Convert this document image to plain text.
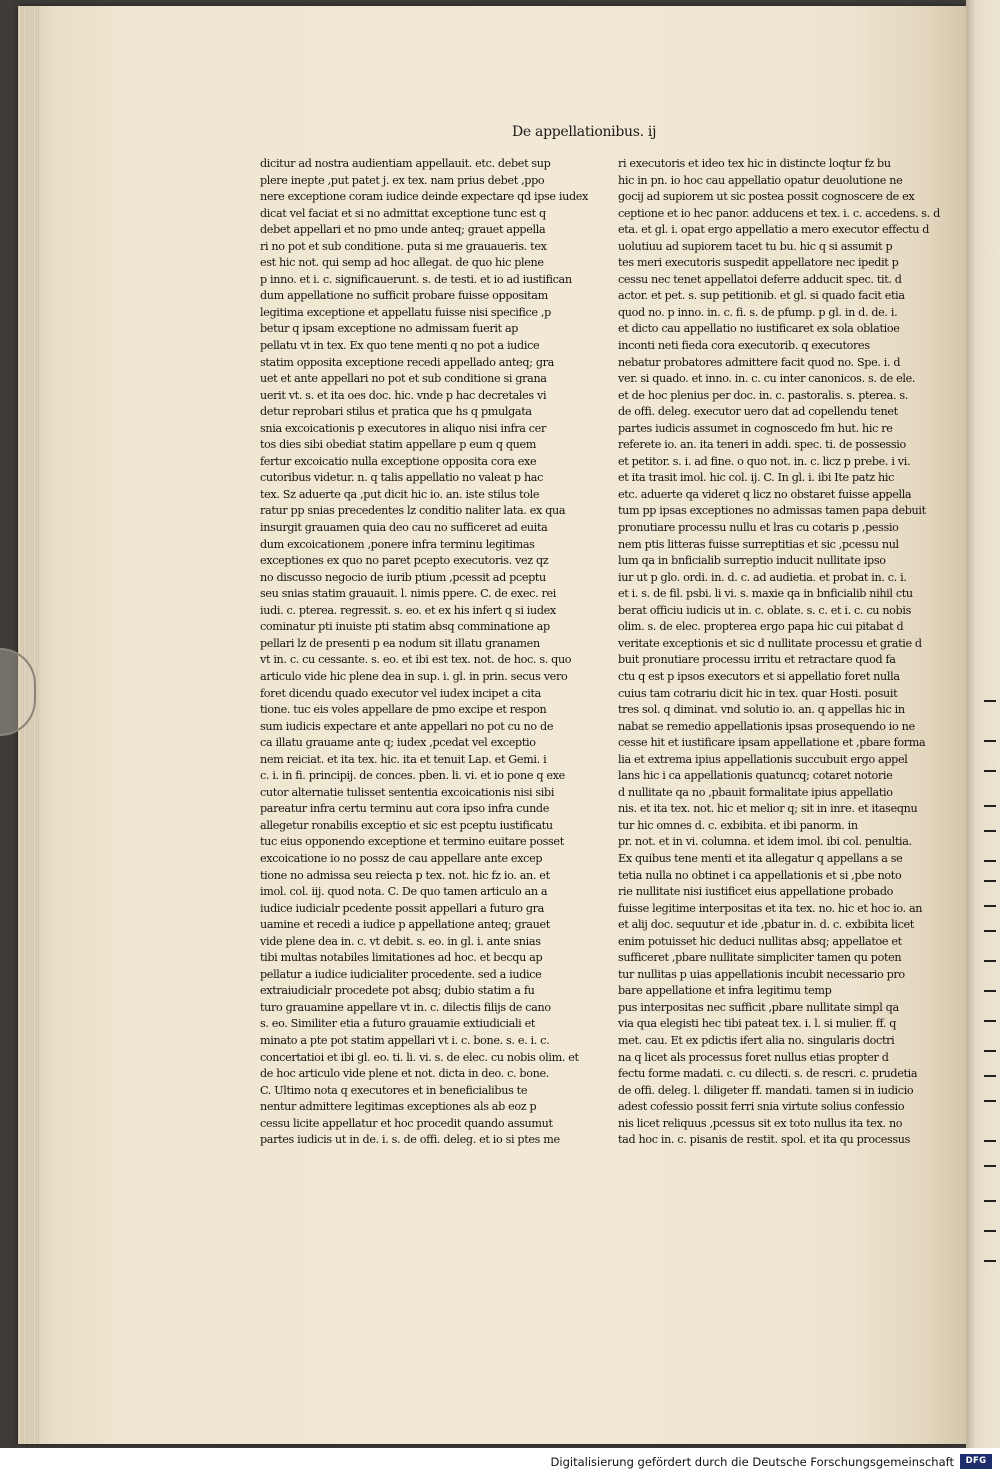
De appellationibus. ij
dicitur ad nostra audientiam appellauit. etc. debet sup
plere inepte ,put patet j. ex tex. nam prius debet ,ppo
nere exceptione coram iudice deinde expectare qd ipse iudex
dicat vel faciat et si no admittat exceptione tunc est q
debet appellari et no pmo unde anteq; grauet appella
ri no pot et sub conditione. puta si me grauaueris. tex
est hic not. qui semp ad hoc allegat. de quo hic plene
p inno. et i. c. significauerunt. s. de testi. et io ad iustifican
dum appellatione no sufficit probare fuisse oppositam
legitima exceptione et appellatu fuisse nisi specifice ,p
betur q ipsam exceptione no admissam fuerit ap
pellatu vt in tex. Ex quo tene menti q no pot a iudice
statim opposita exceptione recedi appellado anteq; gra
uet et ante appellari no pot et sub conditione si grana
uerit vt. s. et ita oes doc. hic. vnde p hac decretales vi
detur reprobari stilus et pratica que hs q pmulgata
snia excoicationis p executores in aliquo nisi infra cer
tos dies sibi obediat statim appellare p eum q quem
fertur excoicatio nulla exceptione opposita cora exe
cutoribus videtur. n. q talis appellatio no valeat p hac
tex. Sz aduerte qa ,put dicit hic io. an. iste stilus tole
ratur pp snias precedentes lz conditio naliter lata. ex qua
insurgit grauamen quia deo cau no sufficeret ad euita
dum excoicationem ,ponere infra terminu legitimas
exceptiones ex quo no paret pcepto executoris. vez qz
no discusso negocio de iurib ptium ,pcessit ad pceptu
seu snias statim grauauit. l. nimis ppere. C. de exec. rei
iudi. c. pterea. regressit. s. eo. et ex his infert q si iudex
cominatur pti inuiste pti statim absq comminatione ap
pellari lz de presenti p ea nodum sit illatu granamen
vt in. c. cu cessante. s. eo. et ibi est tex. not. de hoc. s. quo
articulo vide hic plene dea in sup. i. gl. in prin. secus vero
foret dicendu quado executor vel iudex incipet a cita
tione. tuc eis voles appellare de pmo excipe et respon
sum iudicis expectare et ante appellari no pot cu no de
ca illatu grauame ante q; iudex ,pcedat vel exceptio
nem reiciat. et ita tex. hic. ita et tenuit Lap. et Gemi. i
c. i. in fi. principij. de conces. pben. li. vi. et io pone q exe
cutor alternatie tulisset sententia excoicationis nisi sibi
pareatur infra certu terminu aut cora ipso infra cunde
allegetur ronabilis exceptio et sic est pceptu iustificatu
tuc eius opponendo exceptione et termino euitare posset
excoicatione io no possz de cau appellare ante excep
tione no admissa seu reiecta p tex. not. hic fz io. an. et
imol. col. iij. quod nota. C. De quo tamen articulo an a
iudice iudicialr pcedente possit appellari a futuro gra
uamine et recedi a iudice p appellatione anteq; grauet
vide plene dea in. c. vt debit. s. eo. in gl. i. ante snias
tibi multas notabiles limitationes ad hoc. et becqu ap
pellatur a iudice iudicialiter procedente. sed a iudice
extraiudicialr procedete pot absq; dubio statim a fu
turo grauamine appellare vt in. c. dilectis filijs de cano
s. eo. Similiter etia a futuro grauamie extiudiciali et
minato a pte pot statim appellari vt i. c. bone. s. e. i. c.
concertatioi et ibi gl. eo. ti. li. vi. s. de elec. cu nobis olim. et
de hoc articulo vide plene et not. dicta in deo. c. bone.
C. Ultimo nota q executores et in beneficialibus te
nentur admittere legitimas exceptiones als ab eoz p
cessu licite appellatur et hoc procedit quando assumut
partes iudicis ut in de. i. s. de offi. deleg. et io si ptes me
ri executoris et ideo tex hic in distincte loqtur fz bu
hic in pn. io hoc cau appellatio opatur deuolutione ne
gocij ad supiorem ut sic postea possit cognoscere de ex
ceptione et io hec panor. adducens et tex. i. c. accedens. s. d
eta. et gl. i. opat ergo appellatio a mero executor effectu d
uolutiuu ad supiorem tacet tu bu. hic q si assumit p
tes meri executoris suspedit appellatore nec ipedit p
cessu nec tenet appellatoi deferre adducit spec. tit. d
actor. et pet. s. sup petitionib. et gl. si quado facit etia
quod no. p inno. in. c. fi. s. de pfump. p gl. in d. de. i.
et dicto cau appellatio no iustificaret ex sola oblatioe
inconti neti fieda cora executorib. q executores
nebatur probatores admittere facit quod no. Spe. i. d
ver. si quado. et inno. in. c. cu inter canonicos. s. de ele.
et de hoc plenius per doc. in. c. pastoralis. s. pterea. s.
de offi. deleg. executor uero dat ad copellendu tenet
partes iudicis assumet in cognoscedo fm hut. hic re
referete io. an. ita teneri in addi. spec. ti. de possessio
et petitor. s. i. ad fine. o quo not. in. c. licz p prebe. i vi.
et ita trasit imol. hic col. ij. C. In gl. i. ibi Ite patz hic
etc. aduerte qa videret q licz no obstaret fuisse appella
tum pp ipsas exceptiones no admissas tamen papa debuit
pronutiare processu nullu et lras cu cotaris p ,pessio
nem ptis litteras fuisse surreptitias et sic ,pcessu nul
lum qa in bnficialib surreptio inducit nullitate ipso
iur ut p glo. ordi. in. d. c. ad audietia. et probat in. c. i.
et i. s. de fil. psbi. li vi. s. maxie qa in bnficialib nihil ctu
berat officiu iudicis ut in. c. oblate. s. c. et i. c. cu nobis
olim. s. de elec. propterea ergo papa hic cui pitabat d
veritate exceptionis et sic d nullitate processu et gratie d
buit pronutiare processu irritu et retractare quod fa
ctu q est p ipsos executors et si appellatio foret nulla
cuius tam cotrariu dicit hic in tex. quar Hosti. posuit
tres sol. q diminat. vnd solutio io. an. q appellas hic in
nabat se remedio appellationis ipsas prosequendo io ne
cesse hit et iustificare ipsam appellatione et ,pbare forma
lia et extrema ipius appellationis succubuit ergo appel
lans hic i ca appellationis quatuncq; cotaret notorie
d nullitate qa no ,pbauit formalitate ipius appellatio
nis. et ita tex. not. hic et melior q; sit in inre. et itaseqnu
tur hic omnes d. c. exbibita. et ibi panorm. in
pr. not. et in vi. columna. et idem imol. ibi col. penultia.
Ex quibus tene menti et ita allegatur q appellans a se
tetia nulla no obtinet i ca appellationis et si ,pbe noto
rie nullitate nisi iustificet eius appellatione probado
fuisse legitime interpositas et ita tex. no. hic et hoc io. an
et alij doc. sequutur et ide ,pbatur in. d. c. exbibita licet
enim potuisset hic deduci nullitas absq; appellatoe et
sufficeret ,pbare nullitate simpliciter tamen qu poten
tur nullitas p uias appellationis incubit necessario pro
bare appellatione et infra legitimu temp
pus interpositas nec sufficit ,pbare nullitate simpl qa
via qua elegisti hec tibi pateat tex. i. l. si mulier. ff. q
met. cau. Et ex pdictis ifert alia no. singularis doctri
na q licet als processus foret nullus etias propter d
fectu forme madati. c. cu dilecti. s. de rescri. c. prudetia
de offi. deleg. l. diligeter ff. mandati. tamen si in iudicio
adest cofessio possit ferri snia virtute solius confessio
nis licet reliquus ,pcessus sit ex toto nullus ita tex. no
tad hoc in. c. pisanis de restit. spol. et ita qu processus
Digitalisierung gefördert durch die Deutsche Forschungsgemeinschaft	DFG
